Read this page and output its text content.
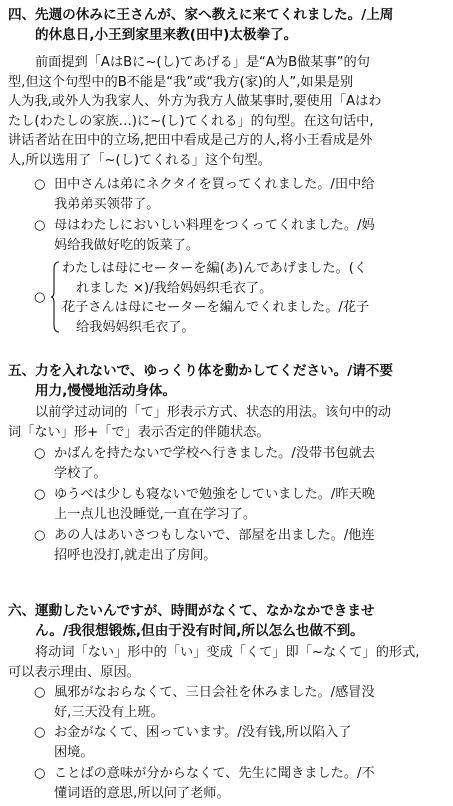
四、先週の休みに王さんが、家へ教えに来てくれました。/上周
的休息日,小王到家里来教(田中)太极拳了。
前面提到「AはBに~(し)てあげる」是“A为B做某事”的句
型,但这个句型中的B不能是“我”或“我方(家)的人”,如果是别
人为我,或外人为我家人、外方为我方人做某事时,要使用「Aはわ
たし(わたしの家族…)に~(し)てくれる」的句型。在这句话中,
讲话者站在田中的立场,把田中看成是己方的人,将小王看成是外
人,所以选用了「~(し)てくれる」这个句型。
○ 田中さんは弟にネクタイを買ってくれました。/田中给
我弟弟买领带了。
○ 母はわたしにおいしい料理をつくってくれました。/妈
妈给我做好吃的饭菜了。
○
わたしは母にセーターを編(あ)んであげました。(く
れました ×)/我给妈妈织毛衣了。
花子さんは母にセーターを編んでくれました。/花子
给我妈妈织毛衣了。
五、力を入れないで、ゆっくり体を動かしてください。/请不要
用力,慢慢地活动身体。
以前学过动词的「て」形表示方式、状态的用法。该句中的动
词「ない」形+「で」表示否定的伴随状态。
○ かばんを持たないで学校へ行きました。/没带书包就去
学校了。
○ ゆうべは少しも寝ないで勉強をしていました。/昨天晚
上一点儿也没睡觉,一直在学习了。
○ あの人はあいさつもしないで、部屋を出ました。/他连
招呼也没打,就走出了房间。
六、運動したいんですが、時間がなくて、なかなかできませ
ん。/我很想锻炼,但由于没有时间,所以怎么也做不到。
将动词「ない」形中的「い」变成「くて」即「~なくて」的形式,
可以表示理由、原因。
○ 風邪がなおらなくて、三日会社を休みました。/感冒没
好,三天没有上班。
○ お金がなくて、困っています。/没有钱,所以陷入了
困境。
○ ことばの意味が分からなくて、先生に聞きました。/不
懂词语的意思,所以问了老师。
